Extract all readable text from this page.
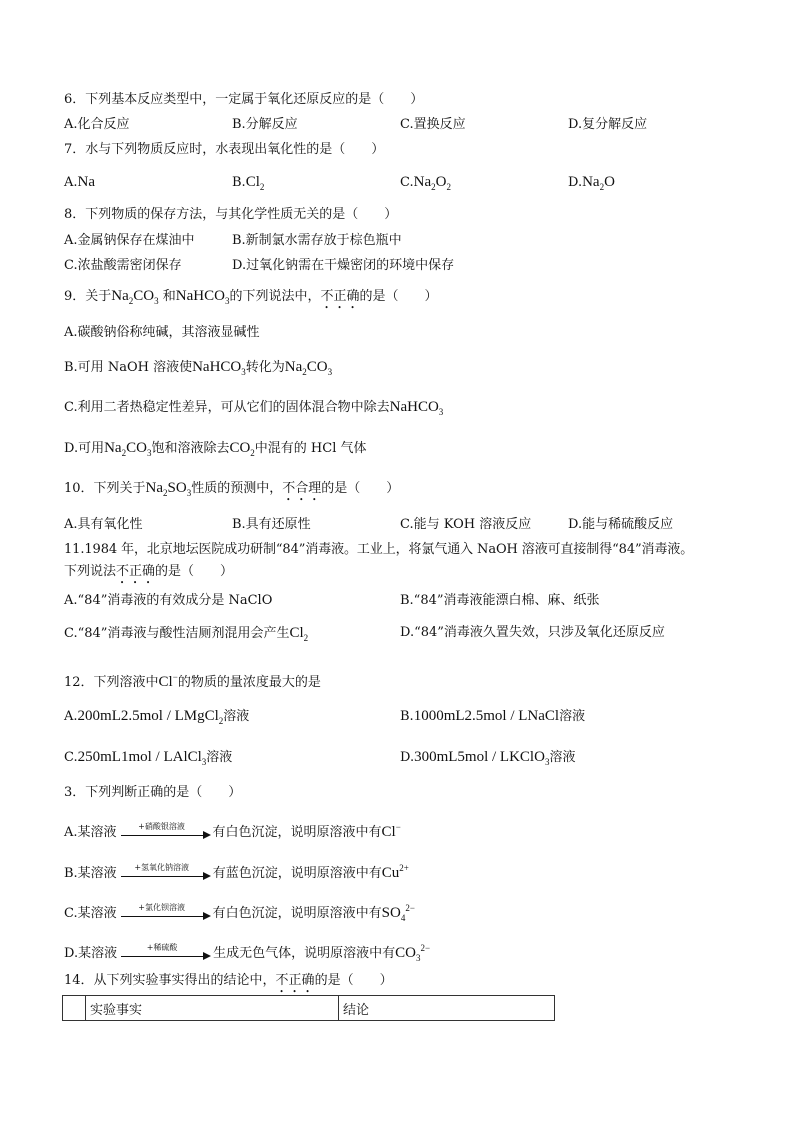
6．下列基本反应类型中，一定属于氧化还原反应的是（　　）
A.化合反应	B.分解反应	C.置换反应	D.复分解反应
7．水与下列物质反应时，水表现出氧化性的是（　　）
A.Na	$B.Cl_2$	$C.Na_2O_2$	$D.Na_2O$
8．下列物质的保存方法，与其化学性质无关的是（　　）
A.金属钠保存在煤油中	B.新制氯水需存放于棕色瓶中
C.浓盐酸需密闭保存	D.过氧化钠需在干燥密闭的环境中保存
9．关于$Na_2CO_3$ 和NaHCO$_3$的下列说法中，不正确的是（　　）
A.碳酸钠俗称纯碱，其溶液显碱性
B.可用 NaOH 溶液使NaHCO$_3$转化为$Na_2CO_3$
C.利用二者热稳定性差异，可从它们的固体混合物中除去NaHCO$_3$
D.可用$Na_2CO_3$饱和溶液除去$CO_2$中混有的 HCl 气体
10．下列关于$Na_2SO_3$性质的预测中，不合理的是（　　）
A.具有氧化性	B.具有还原性	C.能与 KOH 溶液反应	D.能与稀硫酸反应
11.1984 年，北京地坛医院成功研制“84”消毒液。工业上，将氯气通入 NaOH 溶液可直接制得“84”消毒液。
下列说法不正确的是（　　）
A.“84”消毒液的有效成分是 NaClO	B.“84”消毒液能漂白棉、麻、纸张
C.“84”消毒液与酸性洁厕剂混用会产生$Cl_2$	D.“84”消毒液久置失效，只涉及氧化还原反应
12．下列溶液中Cl−的物质的量浓度最大的是
A.200mL2.5mol / LMgCl$_2$溶液	B.1000mL2.5mol / LNaCl溶液
C.250mL1mol / LAlCl$_3$溶液	D.300mL5mol / LKClO$_3$溶液
3．下列判断正确的是（　　）
A.某溶液	+硝酸银溶液	有白色沉淀，说明原溶液中有Cl−
B.某溶液	+氢氧化钠溶液	有蓝色沉淀，说明原溶液中有$Cu^{2+}$
C.某溶液	+氯化钡溶液	有白色沉淀，说明原溶液中有$SO_4^{2-}$
D.某溶液	+稀硫酸	生成无色气体，说明原溶液中有$CO_3^{2-}$
14．从下列实验事实得出的结论中，不正确的是（　　）
	实验事实	结论
